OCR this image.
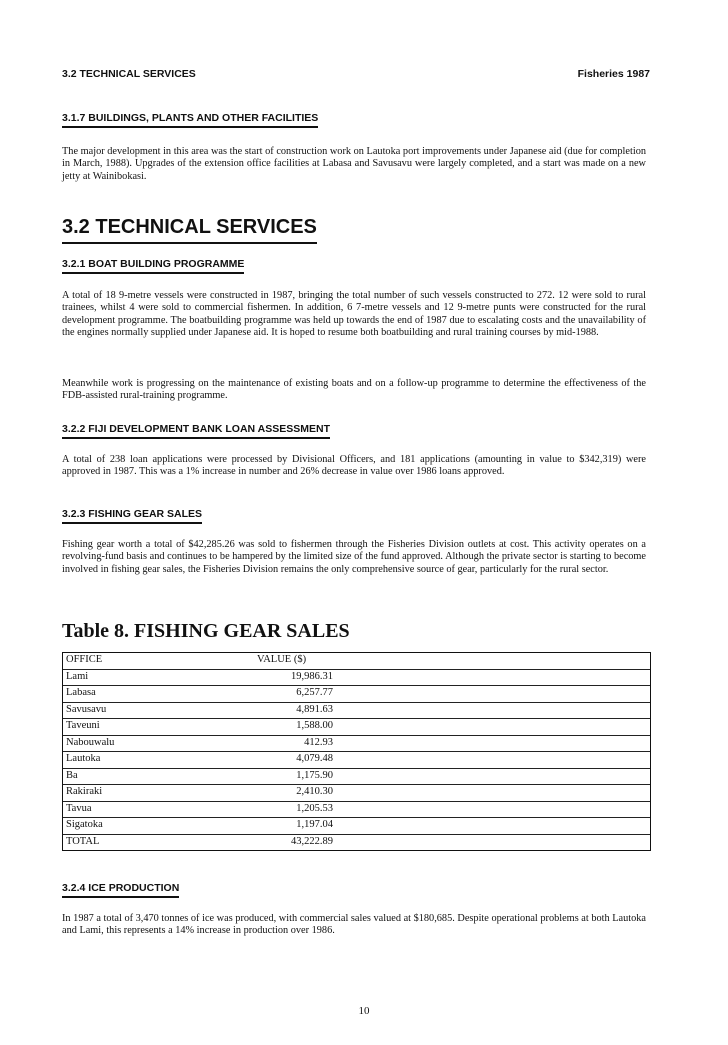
3.2 TECHNICAL SERVICES	Fisheries 1987
3.1.7 BUILDINGS, PLANTS AND OTHER FACILITIES

The major development in this area was the start of construction work on Lautoka port improvements under Japanese aid (due for completion in March, 1988). Upgrades of the extension office facilities at Labasa and Savusavu were largely completed, and a start was made on a new jetty at Wainibokasi.

3.2 TECHNICAL SERVICES
3.2.1 BOAT BUILDING PROGRAMME

A total of 18 9-metre vessels were constructed in 1987, bringing the total number of such vessels constructed to 272. 12 were sold to rural trainees, whilst 4 were sold to commercial fishermen. In addition, 6 7-metre vessels and 12 9-metre punts were constructed for the rural development programme. The boatbuilding programme was held up towards the end of 1987 due to escalating costs and the unavailability of the engines normally supplied under Japanese aid. It is hoped to resume both boatbuilding and rural training courses by mid-1988.

Meanwhile work is progressing on the maintenance of existing boats and on a follow-up programme to determine the effectiveness of the FDB-assisted rural-training programme.

3.2.2 FIJI DEVELOPMENT BANK LOAN ASSESSMENT

A total of 238 loan applications were processed by Divisional Officers, and 181 applications (amounting in value to $342,319) were approved in 1987. This was a 1% increase in number and 26% decrease in value over 1986 loans approved.

3.2.3 FISHING GEAR SALES

Fishing gear worth a total of $42,285.26 was sold to fishermen through the Fisheries Division outlets at cost. This activity operates on a revolving-fund basis and continues to be hampered by the limited size of the fund approved. Although the private sector is starting to become involved in fishing gear sales, the Fisheries Division remains the only comprehensive source of gear, particularly for the rural sector.

Table 8. FISHING GEAR SALES
OFFICE	VALUE ($)
Lami	19,986.31
Labasa	6,257.77
Savusavu	4,891.63
Taveuni	1,588.00
Nabouwalu	412.93
Lautoka	4,079.48
Ba	1,175.90
Rakiraki	2,410.30
Tavua	1,205.53
Sigatoka	1,197.04
TOTAL	43,222.89
3.2.4 ICE PRODUCTION

In 1987 a total of 3,470 tonnes of ice was produced, with commercial sales valued at $180,685. Despite operational problems at both Lautoka and Lami, this represents a 14% increase in production over 1986.

10
